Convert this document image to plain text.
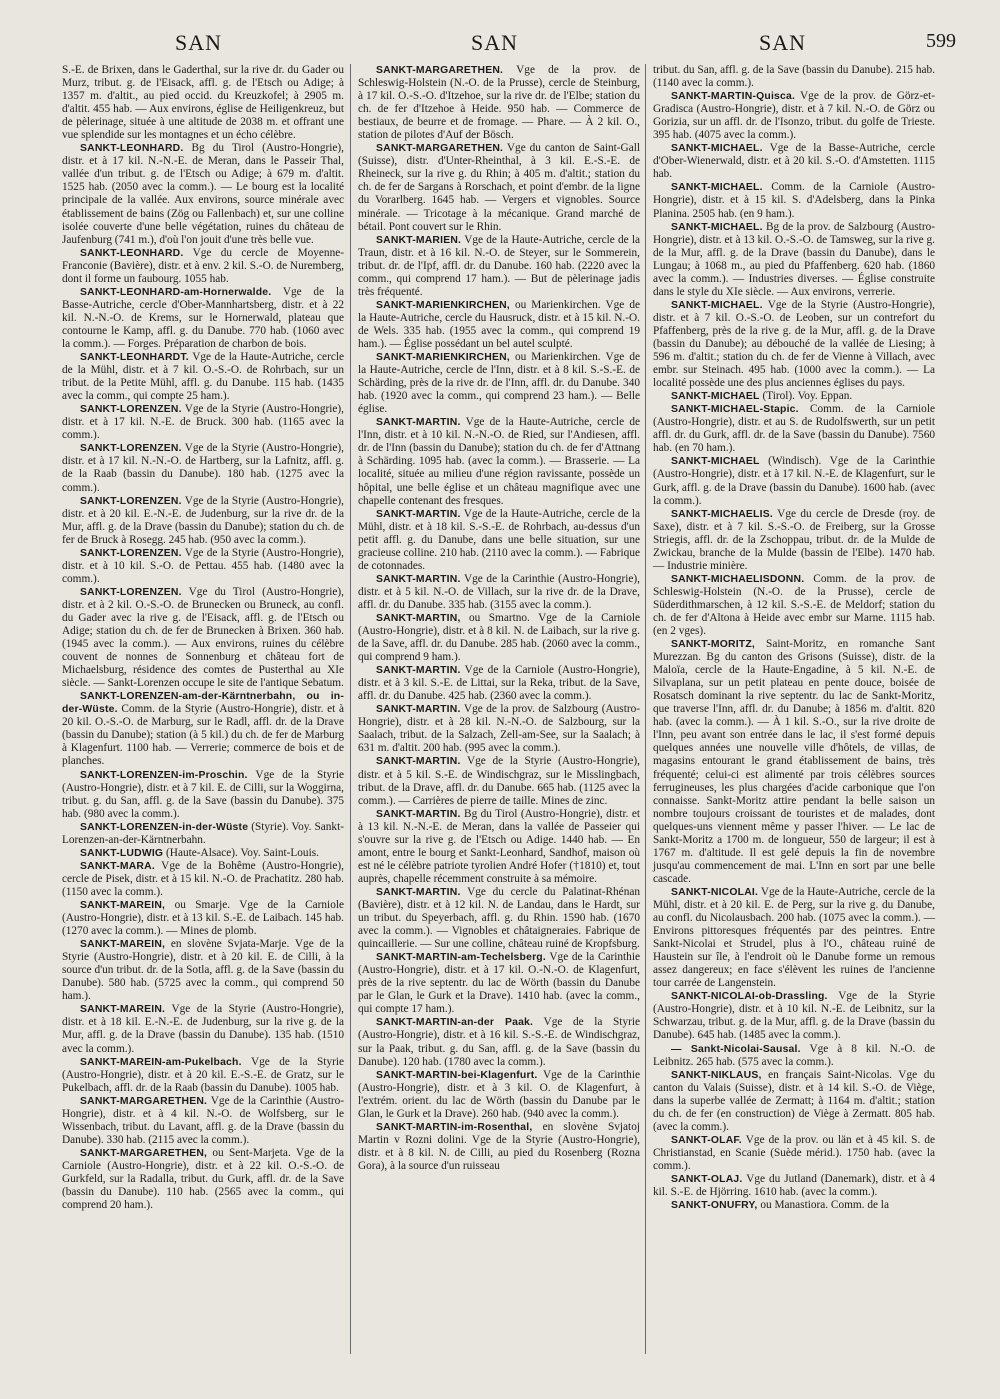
SAN	SAN	SAN	599

S.-E. de Brixen, dans le Gaderthal, sur la rive dr. du Gader ou Murz, tribut. g. de l'Eisack, affl. g. de l'Etsch ou Adige; à 1357 m. d'altit., au pied occid. du Kreuzkofel; à 2905 m. d'altit. 455 hab. — Aux environs, église de Heiligenkreuz, but de pèlerinage, située à une altitude de 2038 m. et offrant une vue splendide sur les montagnes et un écho célèbre.

SANKT-LEONHARD. Bg du Tirol (Austro-Hongrie), distr. et à 17 kil. N.-N.-E. de Meran, dans le Passeir Thal, vallée d'un tribut. g. de l'Etsch ou Adige; à 679 m. d'altit. 1525 hab. (2050 avec la comm.). — Le bourg est la localité principale de la vallée. Aux environs, source minérale avec établissement de bains (Zög ou Fallenbach) et, sur une colline isolée couverte d'une belle végétation, ruines du château de Jaufenburg (741 m.), d'où l'on jouit d'une très belle vue.

SANKT-LEONHARD. Vge du cercle de Moyenne-Franconie (Bavière), distr. et à env. 2 kil. S.-O. de Nuremberg, dont il forme un faubourg. 1055 hab.

SANKT-LEONHARD-am-Hornerwalde. Vge de la Basse-Autriche, cercle d'Ober-Mannhartsberg, distr. et à 22 kil. N.-N.-O. de Krems, sur le Hornerwald, plateau que contourne le Kamp, affl. g. du Danube. 770 hab. (1060 avec la comm.). — Forges. Préparation de charbon de bois.

SANKT-LEONHARDT. Vge de la Haute-Autriche, cercle de la Mühl, distr. et à 7 kil. O.-S.-O. de Rohrbach, sur un tribut. de la Petite Mühl, affl. g. du Danube. 115 hab. (1435 avec la comm., qui compte 25 ham.).

SANKT-LORENZEN. Vge de la Styrie (Austro-Hongrie), distr. et à 17 kil. N.-E. de Bruck. 300 hab. (1165 avec la comm.).

SANKT-LORENZEN. Vge de la Styrie (Austro-Hongrie), distr. et à 17 kil. N.-N.-O. de Hartberg, sur la Lafnitz, affl. g. de la Raab (bassin du Danube). 180 hab. (1275 avec la comm.).

SANKT-LORENZEN. Vge de la Styrie (Austro-Hongrie), distr. et à 20 kil. E.-N.-E. de Judenburg, sur la rive dr. de la Mur, affl. g. de la Drave (bassin du Danube); station du ch. de fer de Bruck à Rosegg. 245 hab. (950 avec la comm.).

SANKT-LORENZEN. Vge de la Styrie (Austro-Hongrie), distr. et à 10 kil. S.-O. de Pettau. 455 hab. (1480 avec la comm.).

SANKT-LORENZEN. Vge du Tirol (Austro-Hongrie), distr. et à 2 kil. O.-S.-O. de Brunecken ou Bruneck, au confl. du Gader avec la rive g. de l'Eisack, affl. g. de l'Etsch ou Adige; station du ch. de fer de Brunecken à Brixen. 360 hab. (1945 avec la comm.). — Aux environs, ruines du célèbre couvent de nonnes de Sonnenburg et château fort de Michaelsburg, résidence des comtes de Pusterthal au XIe siècle. — Sankt-Lorenzen occupe le site de l'antique Sebatum.

SANKT-LORENZEN-am-der-Kärntnerbahn, ou in-der-Wüste. Comm. de la Styrie (Austro-Hongrie), distr. et à 20 kil. O.-S.-O. de Marburg, sur le Radl, affl. dr. de la Drave (bassin du Danube); station (à 5 kil.) du ch. de fer de Marburg à Klagenfurt. 1100 hab. — Verrerie; commerce de bois et de planches.

SANKT-LORENZEN-im-Proschin. Vge de la Styrie (Austro-Hongrie), distr. et à 7 kil. E. de Cilli, sur la Woggirna, tribut. g. du San, affl. g. de la Save (bassin du Danube). 375 hab. (980 avec la comm.).

SANKT-LORENZEN-in-der-Wüste (Styrie). Voy. Sankt-Lorenzen-an-der-Kärntnerbahn.

SANKT-LUDWIG (Haute-Alsace). Voy. Saint-Louis.

SANKT-MARA. Vge de la Bohême (Austro-Hongrie), cercle de Pisek, distr. et à 15 kil. N.-O. de Prachatitz. 280 hab. (1150 avec la comm.).

SANKT-MAREIN, ou Smarje. Vge de la Carniole (Austro-Hongrie), distr. et à 13 kil. S.-E. de Laibach. 145 hab. (1270 avec la comm.). — Mines de plomb.

SANKT-MAREIN, en slovène Svjata-Marje. Vge de la Styrie (Austro-Hongrie), distr. et à 20 kil. E. de Cilli, à la source d'un tribut. dr. de la Sotla, affl. g. de la Save (bassin du Danube). 580 hab. (5725 avec la comm., qui comprend 50 ham.).

SANKT-MAREIN. Vge de la Styrie (Austro-Hongrie), distr. et à 18 kil. E.-N.-E. de Judenburg, sur la rive g. de la Mur, affl. g. de la Drave (bassin du Danube). 135 hab. (1510 avec la comm.).

SANKT-MAREIN-am-Pukelbach. Vge de la Styrie (Austro-Hongrie), distr. et à 20 kil. E.-S.-E. de Gratz, sur le Pukelbach, affl. dr. de la Raab (bassin du Danube). 1005 hab.

SANKT-MARGARETHEN. Vge de la Carinthie (Austro-Hongrie), distr. et à 4 kil. N.-O. de Wolfsberg, sur le Wissenbach, tribut. du Lavant, affl. g. de la Drave (bassin du Danube). 330 hab. (2115 avec la comm.).

SANKT-MARGARETHEN, ou Sent-Marjeta. Vge de la Carniole (Austro-Hongrie), distr. et à 22 kil. O.-S.-O. de Gurkfeld, sur la Radalla, tribut. du Gurk, affl. dr. de la Save (bassin du Danube). 110 hab. (2565 avec la comm., qui comprend 20 ham.).

SANKT-MARGARETHEN. Vge de la prov. de Schleswig-Holstein (N.-O. de la Prusse), cercle de Steinburg, à 17 kil. O.-S.-O. d'Itzehoe, sur la rive dr. de l'Elbe; station du ch. de fer d'Itzehoe à Heide. 950 hab. — Commerce de bestiaux, de beurre et de fromage. — Phare. — À 2 kil. O., station de pilotes d'Auf der Bösch.

SANKT-MARGARETHEN. Vge du canton de Saint-Gall (Suisse), distr. d'Unter-Rheinthal, à 3 kil. E.-S.-E. de Rheineck, sur la rive g. du Rhin; à 405 m. d'altit.; station du ch. de fer de Sargans à Rorschach, et point d'embr. de la ligne du Vorarlberg. 1645 hab. — Vergers et vignobles. Source minérale. — Tricotage à la mécanique. Grand marché de bétail. Pont couvert sur le Rhin.

SANKT-MARIEN. Vge de la Haute-Autriche, cercle de la Traun, distr. et à 16 kil. N.-O. de Steyer, sur le Sommerein, tribut. dr. de l'Ipf, affl. dr. du Danube. 160 hab. (2220 avec la comm., qui comprend 17 ham.). — But de pèlerinage jadis très fréquenté.

SANKT-MARIENKIRCHEN, ou Marienkirchen. Vge de la Haute-Autriche, cercle du Hausruck, distr. et à 15 kil. N.-O. de Wels. 335 hab. (1955 avec la comm., qui comprend 19 ham.). — Église possédant un bel autel sculpté.

SANKT-MARIENKIRCHEN, ou Marienkirchen. Vge de la Haute-Autriche, cercle de l'Inn, distr. et à 8 kil. S.-S.-E. de Schärding, près de la rive dr. de l'Inn, affl. dr. du Danube. 340 hab. (1920 avec la comm., qui comprend 23 ham.). — Belle église.

SANKT-MARTIN. Vge de la Haute-Autriche, cercle de l'Inn, distr. et à 10 kil. N.-N.-O. de Ried, sur l'Andiesen, affl. dr. de l'Inn (bassin du Danube); station du ch. de fer d'Attnang à Schärding. 1095 hab. (avec la comm.). — Brasserie. — La localité, située au milieu d'une région ravissante, possède un hôpital, une belle église et un château magnifique avec une chapelle contenant des fresques.

SANKT-MARTIN. Vge de la Haute-Autriche, cercle de la Mühl, distr. et à 18 kil. S.-S.-E. de Rohrbach, au-dessus d'un petit affl. g. du Danube, dans une belle situation, sur une gracieuse colline. 210 hab. (2110 avec la comm.). — Fabrique de cotonnades.

SANKT-MARTIN. Vge de la Carinthie (Austro-Hongrie), distr. et à 5 kil. N.-O. de Villach, sur la rive dr. de la Drave, affl. dr. du Danube. 335 hab. (3155 avec la comm.).

SANKT-MARTIN, ou Smartno. Vge de la Carniole (Austro-Hongrie), distr. et à 8 kil. N. de Laibach, sur la rive g. de la Save, affl. dr. du Danube. 285 hab. (2060 avec la comm., qui comprend 9 ham.).

SANKT-MARTIN. Vge de la Carniole (Austro-Hongrie), distr. et à 3 kil. S.-E. de Littai, sur la Reka, tribut. de la Save, affl. dr. du Danube. 425 hab. (2360 avec la comm.).

SANKT-MARTIN. Vge de la prov. de Salzbourg (Austro-Hongrie), distr. et à 28 kil. N.-N.-O. de Salzbourg, sur la Saalach, tribut. de la Salzach, Zell-am-See, sur la Saalach; à 631 m. d'altit. 200 hab. (995 avec la comm.).

SANKT-MARTIN. Vge de la Styrie (Austro-Hongrie), distr. et à 5 kil. S.-E. de Windischgraz, sur le Misslingbach, tribut. de la Drave, affl. dr. du Danube. 665 hab. (1125 avec la comm.). — Carrières de pierre de taille. Mines de zinc.

SANKT-MARTIN. Bg du Tirol (Austro-Hongrie), distr. et à 13 kil. N.-N.-E. de Meran, dans la vallée de Passeier qui s'ouvre sur la rive g. de l'Etsch ou Adige. 1440 hab. — En amont, entre le bourg et Sankt-Leonhard, Sandhof, maison où est né le célèbre patriote tyrolien André Hofer (†1810) et, tout auprès, chapelle récemment construite à sa mémoire.

SANKT-MARTIN. Vge du cercle du Palatinat-Rhénan (Bavière), distr. et à 12 kil. N. de Landau, dans le Hardt, sur un tribut. du Speyerbach, affl. g. du Rhin. 1590 hab. (1670 avec la comm.). — Vignobles et châtaigneraies. Fabrique de quincaillerie. — Sur une colline, château ruiné de Kropfsburg.

SANKT-MARTIN-am-Techelsberg. Vge de la Carinthie (Austro-Hongrie), distr. et à 17 kil. O.-N.-O. de Klagenfurt, près de la rive septentr. du lac de Wörth (bassin du Danube par le Glan, le Gurk et la Drave). 1410 hab. (avec la comm., qui compte 17 ham.).

SANKT-MARTIN-an-der Paak. Vge de la Styrie (Austro-Hongrie), distr. et à 16 kil. S.-S.-E. de Windischgraz, sur la Paak, tribut. g. du San, affl. g. de la Save (bassin du Danube). 120 hab. (1780 avec la comm.).

SANKT-MARTIN-bei-Klagenfurt. Vge de la Carinthie (Austro-Hongrie), distr. et à 3 kil. O. de Klagenfurt, à l'extrém. orient. du lac de Wörth (bassin du Danube par le Glan, le Gurk et la Drave). 260 hab. (940 avec la comm.).

SANKT-MARTIN-im-Rosenthal, en slovène Svjatoj Martin v Rozni dolini. Vge de la Styrie (Austro-Hongrie), distr. et à 8 kil. N. de Cilli, au pied du Rosenberg (Rozna Gora), à la source d'un ruisseau

tribut. du San, affl. g. de la Save (bassin du Danube). 215 hab. (1140 avec la comm.).

SANKT-MARTIN-Quisca. Vge de la prov. de Görz-et-Gradisca (Austro-Hongrie), distr. et à 7 kil. N.-O. de Görz ou Gorizia, sur un affl. dr. de l'Isonzo, tribut. du golfe de Trieste. 395 hab. (4075 avec la comm.).

SANKT-MICHAEL. Vge de la Basse-Autriche, cercle d'Ober-Wienerwald, distr. et à 20 kil. S.-O. d'Amstetten. 1115 hab.

SANKT-MICHAEL. Comm. de la Carniole (Austro-Hongrie), distr. et à 15 kil. S. d'Adelsberg, dans la Pinka Planina. 2505 hab. (en 9 ham.).

SANKT-MICHAEL. Bg de la prov. de Salzbourg (Austro-Hongrie), distr. et à 13 kil. O.-S.-O. de Tamsweg, sur la rive g. de la Mur, affl. g. de la Drave (bassin du Danube), dans le Lungau; à 1068 m., au pied du Pfaffenberg. 620 hab. (1860 avec la comm.). — Industries diverses. — Église construite dans le style du XIe siècle. — Aux environs, verrerie.

SANKT-MICHAEL. Vge de la Styrie (Austro-Hongrie), distr. et à 7 kil. O.-S.-O. de Leoben, sur un contrefort du Pfaffenberg, près de la rive g. de la Mur, affl. g. de la Drave (bassin du Danube); au débouché de la vallée de Liesing; à 596 m. d'altit.; station du ch. de fer de Vienne à Villach, avec embr. sur Steinach. 495 hab. (1000 avec la comm.). — La localité possède une des plus anciennes églises du pays.

SANKT-MICHAEL (Tirol). Voy. Eppan.

SANKT-MICHAEL-Stapic. Comm. de la Carniole (Austro-Hongrie), distr. et au S. de Rudolfswerth, sur un petit affl. dr. du Gurk, affl. dr. de la Save (bassin du Danube). 7560 hab. (en 70 ham.).

SANKT-MICHAEL (Windisch). Vge de la Carinthie (Austro-Hongrie), distr. et à 17 kil. N.-E. de Klagenfurt, sur le Gurk, affl. g. de la Drave (bassin du Danube). 1600 hab. (avec la comm.).

SANKT-MICHAELIS. Vge du cercle de Dresde (roy. de Saxe), distr. et à 7 kil. S.-S.-O. de Freiberg, sur la Grosse Striegis, affl. dr. de la Zschoppau, tribut. dr. de la Mulde de Zwickau, branche de la Mulde (bassin de l'Elbe). 1470 hab. — Industrie minière.

SANKT-MICHAELISDONN. Comm. de la prov. de Schleswig-Holstein (N.-O. de la Prusse), cercle de Süderdithmarschen, à 12 kil. S.-S.-E. de Meldorf; station du ch. de fer d'Altona à Heide avec embr sur Marne. 1115 hab. (en 2 vges).

SANKT-MORITZ, Saint-Moritz, en romanche Sant Murezzan. Bg du canton des Grisons (Suisse), distr. de la Maloïa, cercle de la Haute-Engadine, à 5 kil. N.-E. de Silvaplana, sur un petit plateau en pente douce, boisée de Rosatsch dominant la rive septentr. du lac de Sankt-Moritz, que traverse l'Inn, affl. dr. du Danube; à 1856 m. d'altit. 820 hab. (avec la comm.). — À 1 kil. S.-O., sur la rive droite de l'Inn, peu avant son entrée dans le lac, il s'est formé depuis quelques années une nouvelle ville d'hôtels, de villas, de magasins entourant le grand établissement de bains, très fréquenté; celui-ci est alimenté par trois célèbres sources ferrugineuses, les plus chargées d'acide carbonique que l'on connaisse. Sankt-Moritz attire pendant la belle saison un nombre toujours croissant de touristes et de malades, dont quelques-uns viennent même y passer l'hiver. — Le lac de Sankt-Moritz a 1700 m. de longueur, 550 de largeur; il est à 1767 m. d'altitude. Il est gelé depuis la fin de novembre jusqu'au commencement de mai. L'Inn en sort par une belle cascade.

SANKT-NICOLAI. Vge de la Haute-Autriche, cercle de la Mühl, distr. et à 20 kil. E. de Perg, sur la rive g. du Danube, au confl. du Nicolausbach. 200 hab. (1075 avec la comm.). — Environs pittoresques fréquentés par des peintres. Entre Sankt-Nicolai et Strudel, plus à l'O., château ruiné de Haustein sur île, à l'endroit où le Danube forme un remous assez dangereux; en face s'élèvent les ruines de l'ancienne tour carrée de Langenstein.

SANKT-NICOLAI-ob-Drassling. Vge de la Styrie (Austro-Hongrie), distr. et à 10 kil. N.-E. de Leibnitz, sur la Schwarzau, tribut. g. de la Mur, affl. g. de la Drave (bassin du Danube). 645 hab. (1485 avec la comm.).

— Sankt-Nicolai-Sausal. Vge à 8 kil. N.-O. de Leibnitz. 265 hab. (575 avec la comm.).

SANKT-NIKLAUS, en français Saint-Nicolas. Vge du canton du Valais (Suisse), distr. et à 14 kil. S.-O. de Viège, dans la superbe vallée de Zermatt; à 1164 m. d'altit.; station du ch. de fer (en construction) de Viège à Zermatt. 805 hab. (avec la comm.).

SANKT-OLAF. Vge de la prov. ou län et à 45 kil. S. de Christianstad, en Scanie (Suède mérid.). 1750 hab. (avec la comm.).

SANKT-OLAJ. Vge du Jutland (Danemark), distr. et à 4 kil. S.-E. de Hjörring. 1610 hab. (avec la comm.).

SANKT-ONUFRY, ou Manastiora. Comm. de la
